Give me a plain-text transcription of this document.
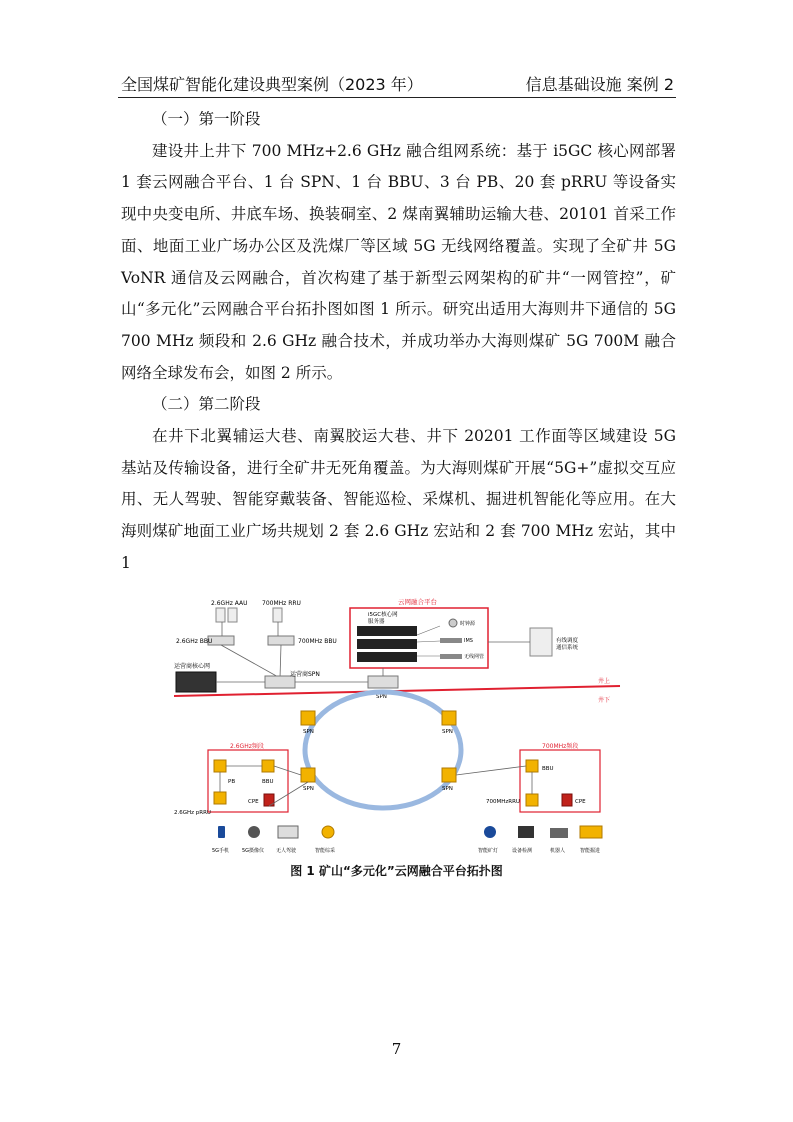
全国煤矿智能化建设典型案例（2023 年）	信息基础设施 案例 2

（一）第一阶段

建设井上井下 700 MHz+2.6 GHz 融合组网系统：基于 i5GC 核心网部署 1 套云网融合平台、1 台 SPN、1 台 BBU、3 台 PB、20 套 pRRU 等设备实现中央变电所、井底车场、换装硐室、2 煤南翼辅助运输大巷、20101 首采工作面、地面工业广场办公区及洗煤厂等区域 5G 无线网络覆盖。实现了全矿井 5G VoNR 通信及云网融合，首次构建了基于新型云网架构的矿井“一网管控”，矿山“多元化”云网融合平台拓扑图如图 1 所示。研究出适用大海则井下通信的 5G 700 MHz 频段和 2.6 GHz 融合技术，并成功举办大海则煤矿 5G 700M 融合网络全球发布会，如图 2 所示。

（二）第二阶段

在井下北翼辅运大巷、南翼胶运大巷、井下 20201 工作面等区域建设 5G 基站及传输设备，进行全矿井无死角覆盖。为大海则煤矿开展“5G+”虚拟交互应用、无人驾驶、智能穿戴装备、智能巡检、采煤机、掘进机智能化等应用。在大海则煤矿地面工业广场共规划 2 套 2.6 GHz 宏站和 2 套 700 MHz 宏站，其中 1

2.6GHz AAU 700MHz RRU
2.6GHz BBU	700MHz BBU
运营商核心网
运营商SPN
云网融合平台
i5GC核心网
服务器	时钟源
IMS
无线网管
有线调度
通信系统
SPN
井上
井下
SPN	SPN
SPN	SPN
2.6GHz频段
PB	BBU
CPE
2.6GHz pRRU
700MHz频段
BBU
CPE
700MHzRRU
5G手机	5G摄像仪 无人驾驶	智能综采	智能矿灯	设备检测	机器人	智能掘进
图 1 矿山“多元化”云网融合平台拓扑图
7
